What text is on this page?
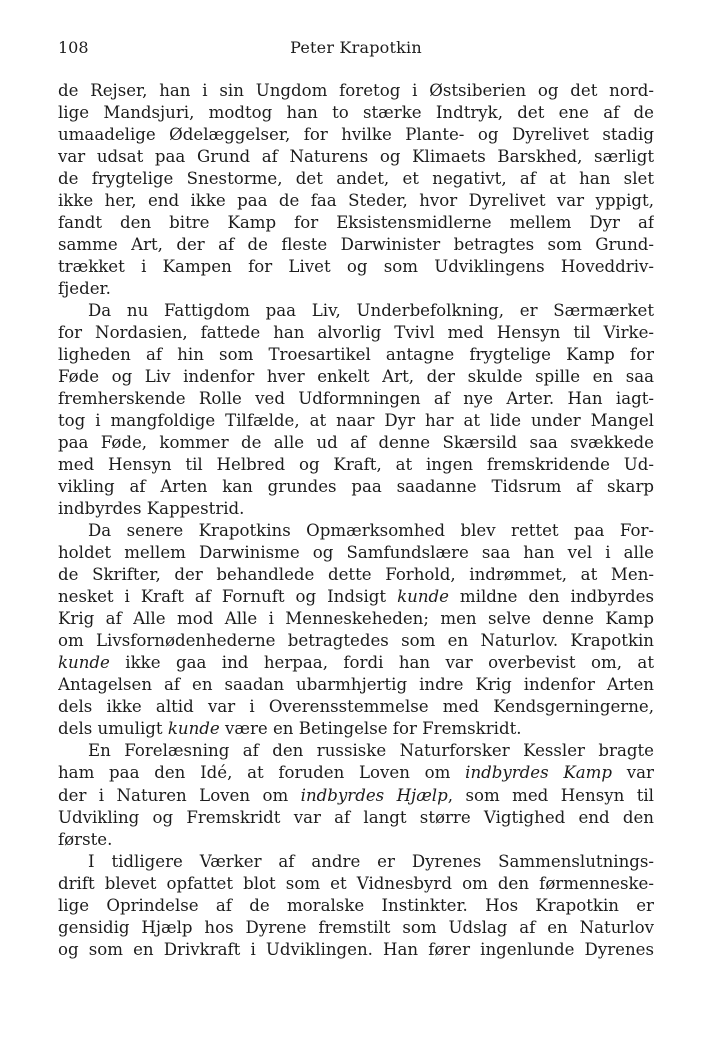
108	Peter Krapotkin
de Rejser, han i sin Ungdom foretog i Østsiberien og det nord-
lige Mandsjuri, modtog han to stærke Indtryk, det ene af de
umaadelige Ødelæggelser, for hvilke Plante- og Dyrelivet stadig
var udsat paa Grund af Naturens og Klimaets Barskhed, særligt
de frygtelige Snestorme, det andet, et negativt, af at han slet
ikke her, end ikke paa de faa Steder, hvor Dyrelivet var yppigt,
fandt den bitre Kamp for Eksistensmidlerne mellem Dyr af
samme Art, der af de fleste Darwinister betragtes som Grund-
trækket i Kampen for Livet og som Udviklingens Hoveddriv-
fjeder.
Da nu Fattigdom paa Liv, Underbefolkning, er Særmærket
for Nordasien, fattede han alvorlig Tvivl med Hensyn til Virke-
ligheden af hin som Troesartikel antagne frygtelige Kamp for
Føde og Liv indenfor hver enkelt Art, der skulde spille en saa
fremherskende Rolle ved Udformningen af nye Arter. Han iagt-
tog i mangfoldige Tilfælde, at naar Dyr har at lide under Mangel
paa Føde, kommer de alle ud af denne Skærsild saa svækkede
med Hensyn til Helbred og Kraft, at ingen fremskridende Ud-
vikling af Arten kan grundes paa saadanne Tidsrum af skarp
indbyrdes Kappestrid.
Da senere Krapotkins Opmærksomhed blev rettet paa For-
holdet mellem Darwinisme og Samfundslære saa han vel i alle
de Skrifter, der behandlede dette Forhold, indrømmet, at Men-
nesket i Kraft af Fornuft og Indsigt kunde mildne den indbyrdes
Krig af Alle mod Alle i Menneskeheden; men selve denne Kamp
om Livsfornødenhederne betragtedes som en Naturlov. Krapotkin
kunde ikke gaa ind herpaa, fordi han var overbevist om, at
Antagelsen af en saadan ubarmhjertig indre Krig indenfor Arten
dels ikke altid var i Overensstemmelse med Kendsgerningerne,
dels umuligt kunde være en Betingelse for Fremskridt.
En Forelæsning af den russiske Naturforsker Kessler bragte
ham paa den Idé, at foruden Loven om indbyrdes Kamp var
der i Naturen Loven om indbyrdes Hjælp, som med Hensyn til
Udvikling og Fremskridt var af langt større Vigtighed end den
første.
I tidligere Værker af andre er Dyrenes Sammenslutnings-
drift blevet opfattet blot som et Vidnesbyrd om den førmenneske-
lige Oprindelse af de moralske Instinkter. Hos Krapotkin er
gensidig Hjælp hos Dyrene fremstilt som Udslag af en Naturlov
og som en Drivkraft i Udviklingen. Han fører ingenlunde Dyrenes
